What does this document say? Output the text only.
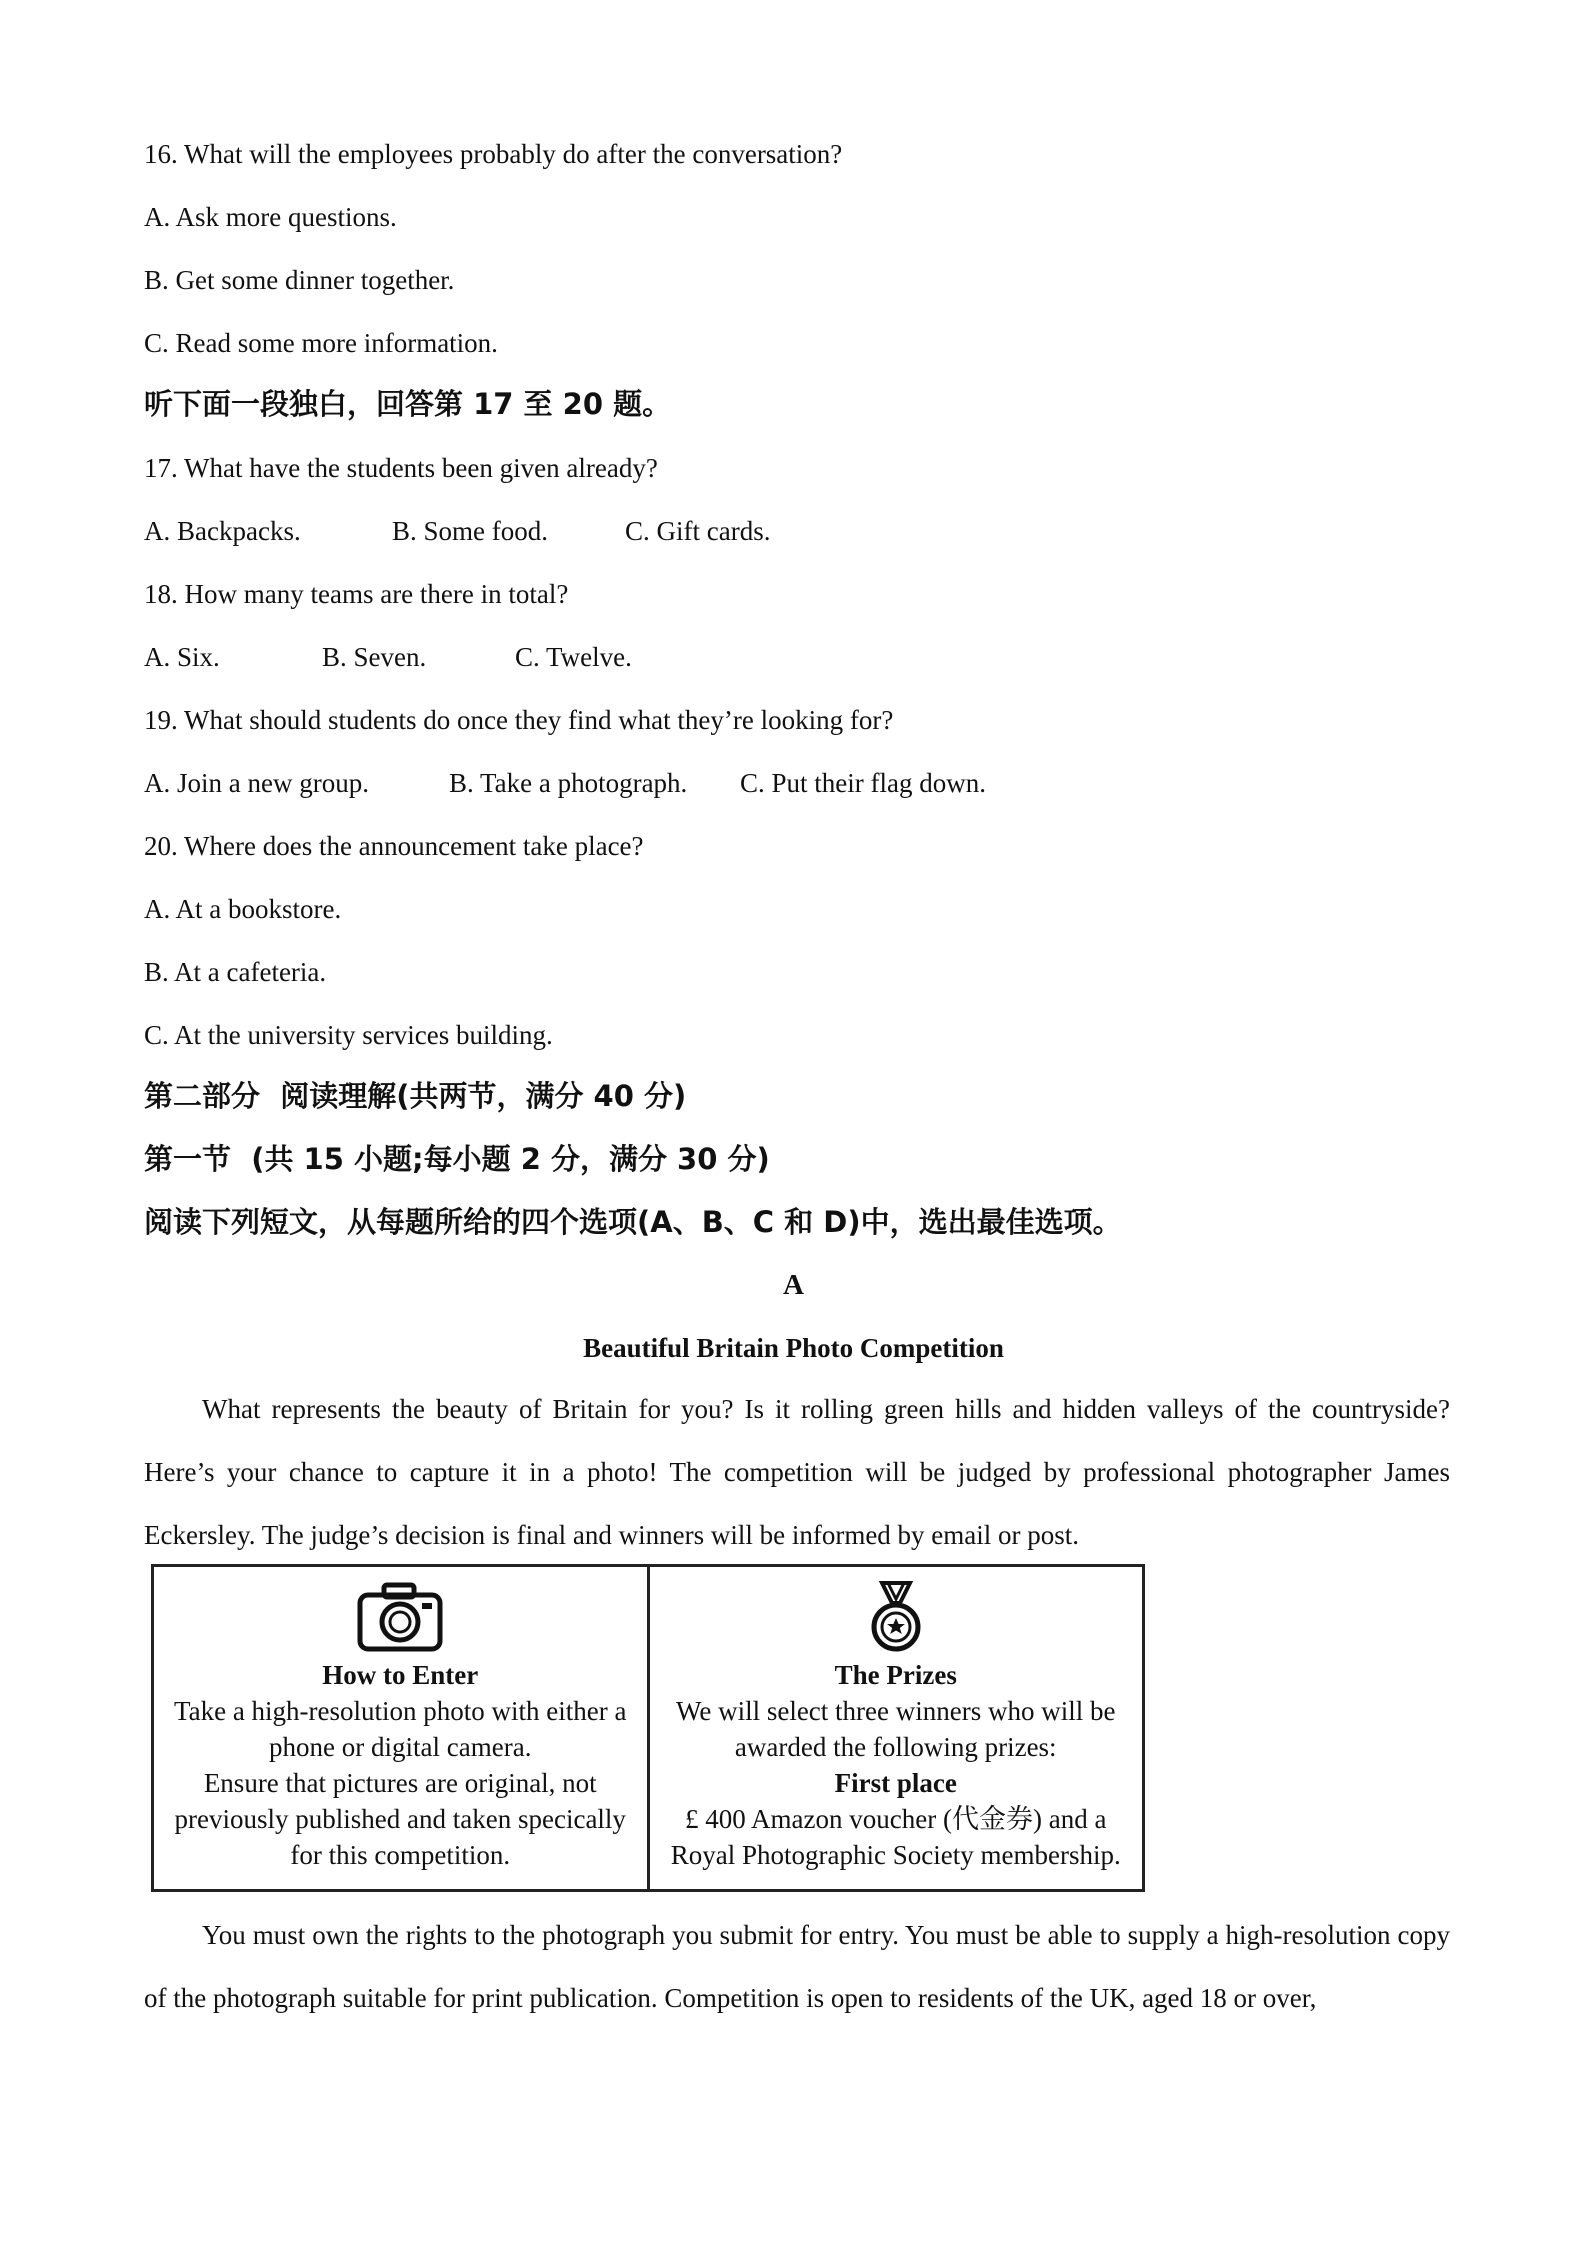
16. What will the employees probably do after the conversation?
A. Ask more questions.
B. Get some dinner together.
C. Read some more information.
听下面一段独白，回答第 17 至 20 题。
17. What have the students been given already?
A. Backpacks.	B. Some food.	C. Gift cards.
18. How many teams are there in total?
A. Six.	B. Seven.	C. Twelve.
19. What should students do once they find what they’re looking for?
A. Join a new group.	B. Take a photograph. C. Put their flag down.
20. Where does the announcement take place?
A. At a bookstore.
B. At a cafeteria.
C. At the university services building.
第二部分  阅读理解(共两节，满分 40 分)
第一节  (共 15 小题;每小题 2 分，满分 30 分)
阅读下列短文，从每题所给的四个选项(A、B、C 和 D)中，选出最佳选项。
A
Beautiful Britain Photo Competition
What represents the beauty of Britain for you? Is it rolling green hills and hidden valleys of the countryside? Here’s your chance to capture it in a photo! The competition will be judged by professional photographer James Eckersley. The judge’s decision is final and winners will be informed by email or post.
How to Enter
Take a high-resolution photo with either a
phone or digital camera.
Ensure that pictures are original, not
previously published and taken specically
for this competition.
The Prizes
We will select three winners who will be
awarded the following prizes:
First place
£ 400 Amazon voucher (代金券) and a
Royal Photographic Society membership.
You must own the rights to the photograph you submit for entry. You must be able to supply a high-resolution copy of the photograph suitable for print publication. Competition is open to residents of the UK, aged 18 or over,
